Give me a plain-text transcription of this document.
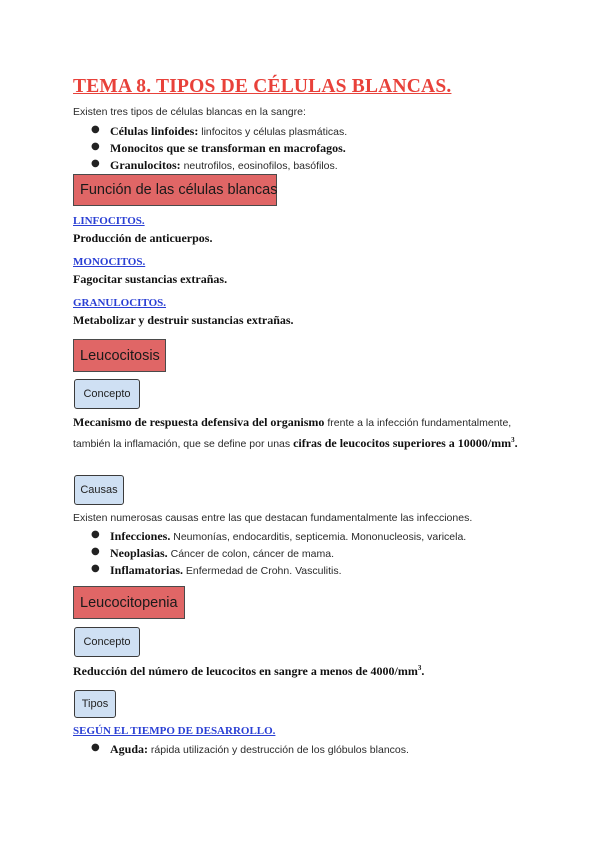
TEMA 8. TIPOS DE CÉLULAS BLANCAS.
Existen tres tipos de células blancas en la sangre:
● Células linfoides: linfocitos y células plasmáticas.
● Monocitos que se transforman en macrofagos.
● Granulocitos: neutrofilos, eosinofilos, basófilos.
Función de las células blancas
LINFOCITOS.
Producción de anticuerpos.
MONOCITOS.
Fagocitar sustancias extrañas.
GRANULOCITOS.
Metabolizar y destruir sustancias extrañas.
Leucocitosis
Concepto
Mecanismo de respuesta defensiva del organismo frente a la infección fundamentalmente, también la inflamación, que se define por unas cifras de leucocitos superiores a $10000/mm^3$.
Causas
Existen numerosas causas entre las que destacan fundamentalmente las infecciones.
● Infecciones. Neumonías, endocarditis, septicemia. Mononucleosis, varicela.
● Neoplasias. Cáncer de colon, cáncer de mama.
● Inflamatorias. Enfermedad de Crohn. Vasculitis.
Leucocitopenia
Concepto
Reducción del número de leucocitos en sangre a menos de $4000/mm^3$.
Tipos
SEGÚN EL TIEMPO DE DESARROLLO.
● Aguda: rápida utilización y destrucción de los glóbulos blancos.
